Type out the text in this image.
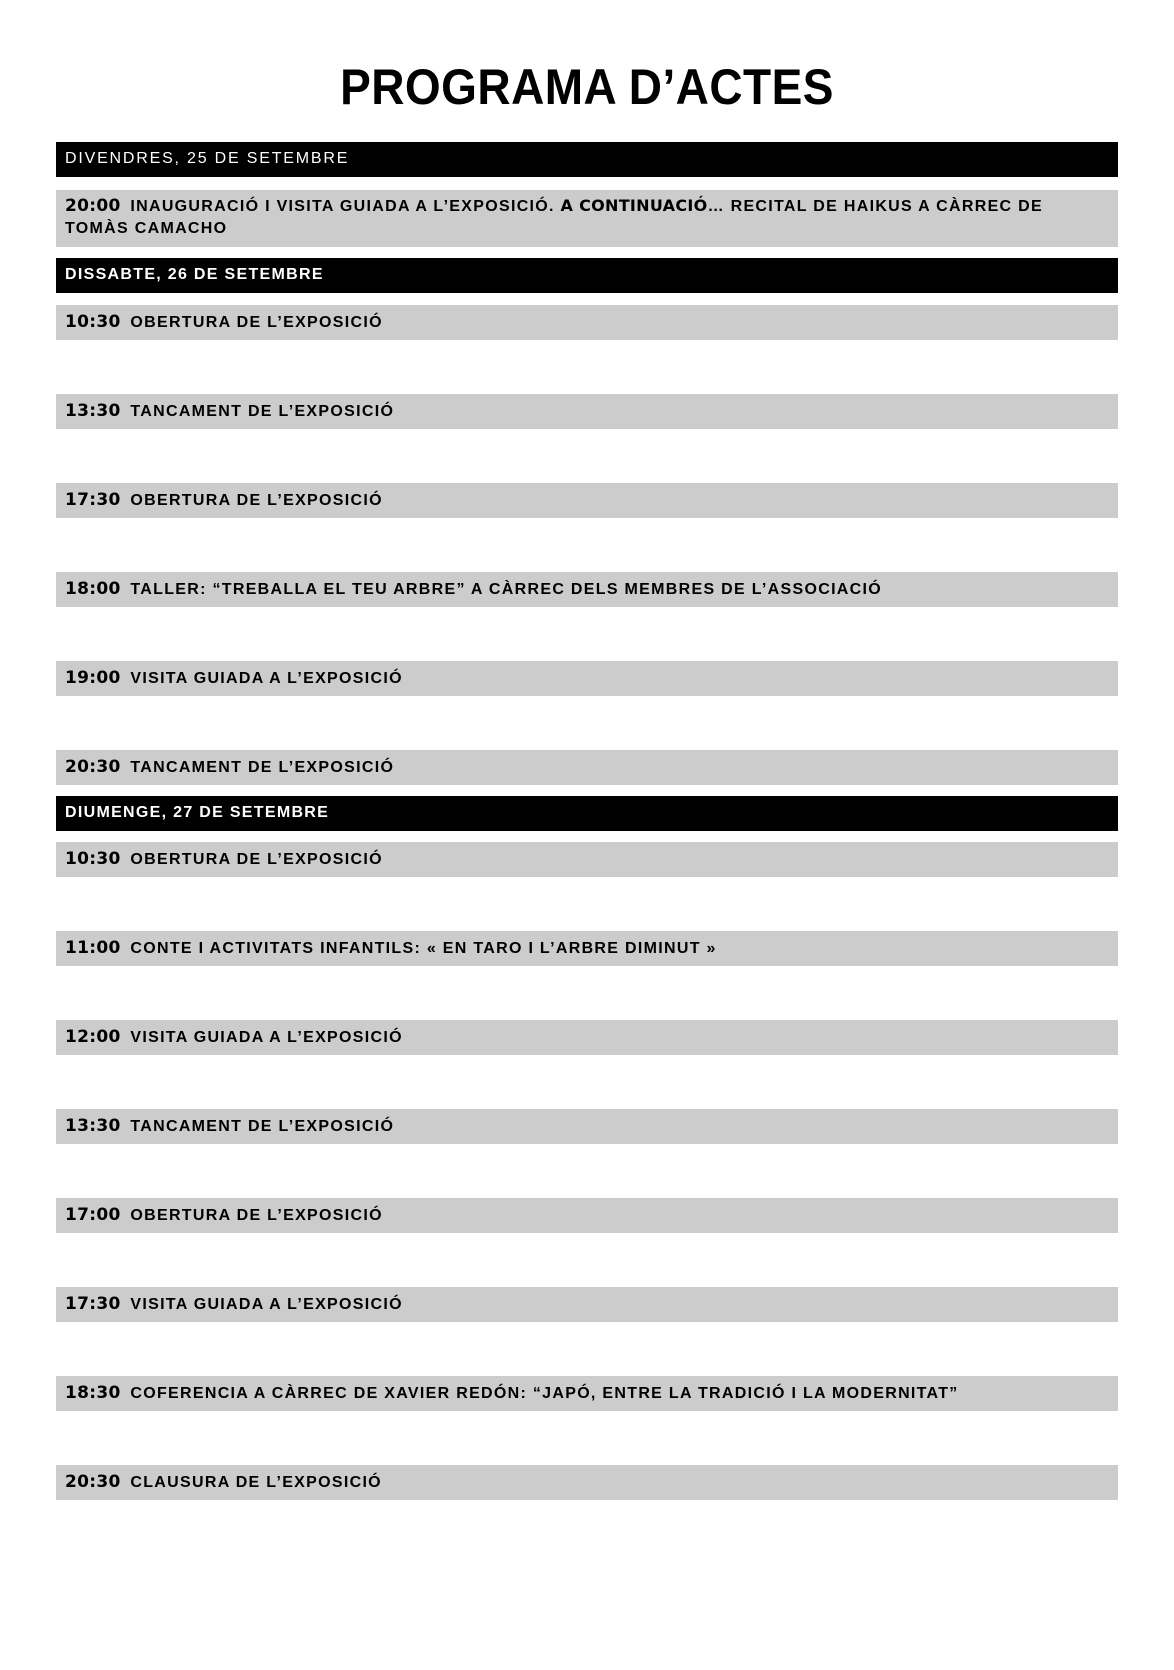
PROGRAMA D’ACTES
DIVENDRES, 25 DE SETEMBRE
20:00 INAUGURACIÓ I VISITA GUIADA A L’EXPOSICIÓ. A CONTINUACIÓ… RECITAL DE HAIKUS A CÀRREC DE TOMÀS CAMACHO
DISSABTE, 26 DE SETEMBRE
10:30 OBERTURA DE L’EXPOSICIÓ
13:30 TANCAMENT DE L’EXPOSICIÓ
17:30 OBERTURA DE L’EXPOSICIÓ
18:00 TALLER: “TREBALLA EL TEU ARBRE” A CÀRREC DELS MEMBRES DE L’ASSOCIACIÓ
19:00 VISITA GUIADA A L’EXPOSICIÓ
20:30 TANCAMENT DE L’EXPOSICIÓ
DIUMENGE, 27 DE SETEMBRE
10:30 OBERTURA DE L’EXPOSICIÓ
11:00 CONTE I ACTIVITATS INFANTILS: « EN TARO I L’ARBRE DIMINUT »
12:00 VISITA GUIADA A L’EXPOSICIÓ
13:30 TANCAMENT DE L’EXPOSICIÓ
17:00 OBERTURA DE L’EXPOSICIÓ
17:30 VISITA GUIADA A L’EXPOSICIÓ
18:30 COFERENCIA A CÀRREC DE XAVIER REDÓN: “JAPÓ, ENTRE LA TRADICIÓ I LA MODERNITAT”
20:30 CLAUSURA DE L’EXPOSICIÓ
